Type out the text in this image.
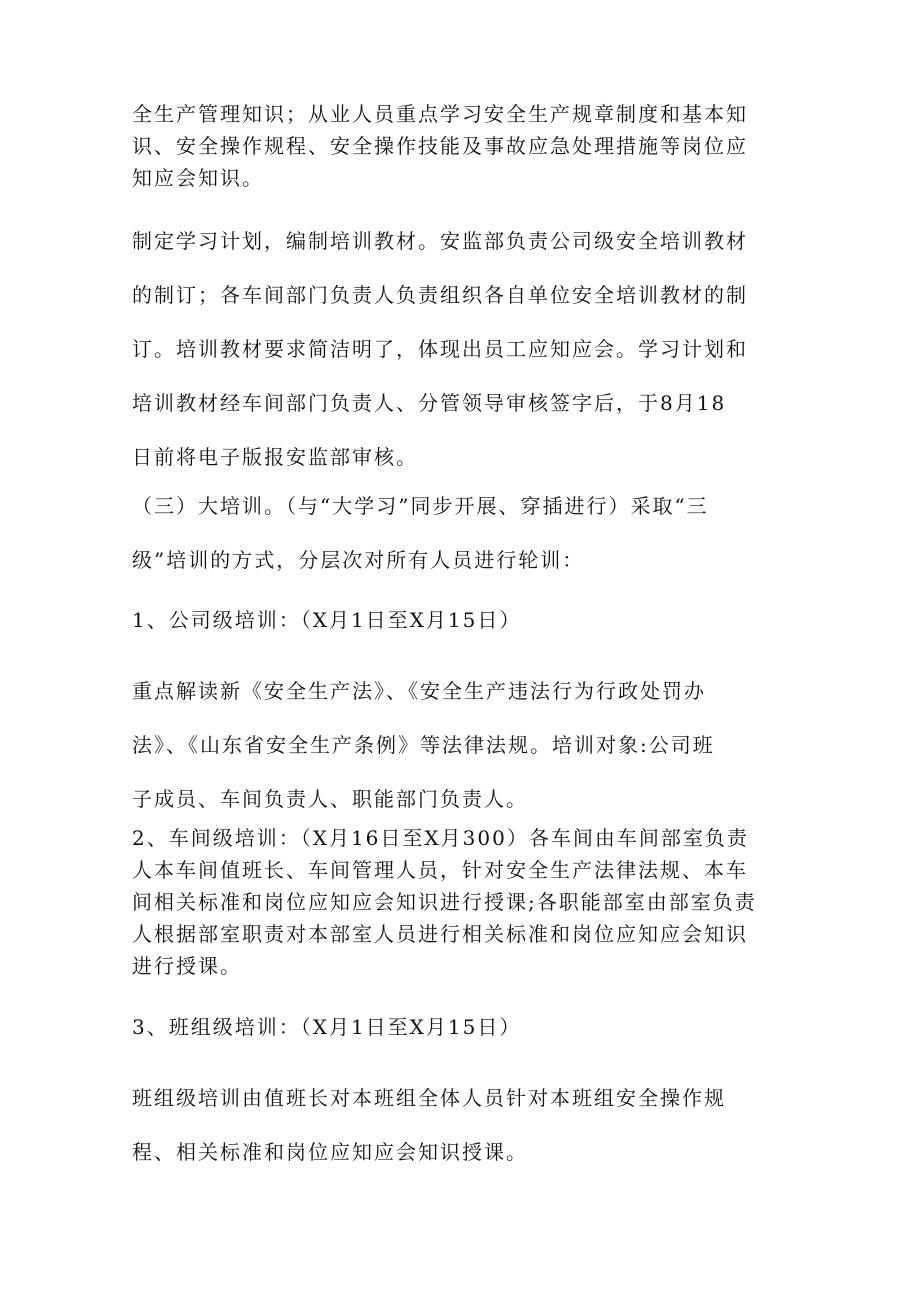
全生产管理知识；从业人员重点学习安全生产规章制度和基本知
识、安全操作规程、安全操作技能及事故应急处理措施等岗位应
知应会知识。
制定学习计划，编制培训教材。安监部负责公司级安全培训教材
的制订；各车间部门负责人负责组织各自单位安全培训教材的制
订。培训教材要求简洁明了，体现出员工应知应会。学习计划和
培训教材经车间部门负责人、分管领导审核签字后，于8月18
日前将电子版报安监部审核。
（三）大培训。（与“大学习”同步开展、穿插进行）采取“三
级”培训的方式，分层次对所有人员进行轮训：
1、公司级培训：（X月1日至X月15日）
重点解读新《安全生产法》、《安全生产违法行为行政处罚办
法》、《山东省安全生产条例》等法律法规。培训对象:公司班
子成员、车间负责人、职能部门负责人。
2、车间级培训：（X月16日至X月300）各车间由车间部室负责
人本车间值班长、车间管理人员，针对安全生产法律法规、本车
间相关标准和岗位应知应会知识进行授课;各职能部室由部室负责
人根据部室职责对本部室人员进行相关标准和岗位应知应会知识
进行授课。
3、班组级培训：（X月1日至X月15日）
班组级培训由值班长对本班组全体人员针对本班组安全操作规
程、相关标准和岗位应知应会知识授课。
